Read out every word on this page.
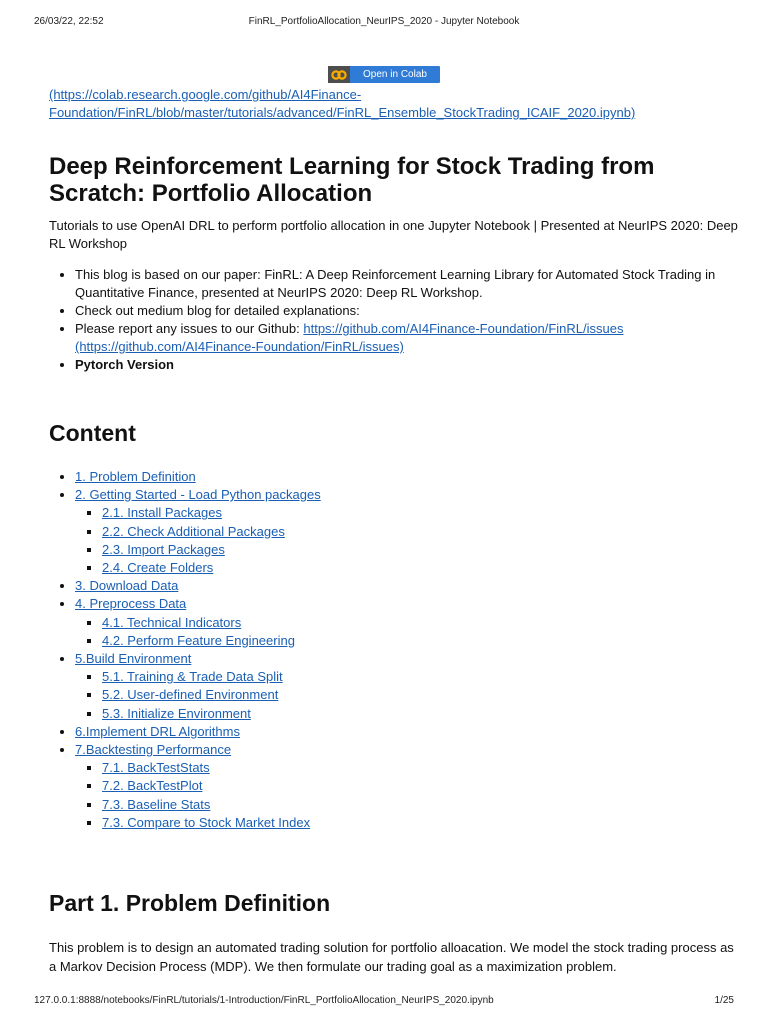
26/03/22, 22:52	FinRL_PortfolioAllocation_NeurIPS_2020 - Jupyter Notebook
Open in Colab
(https://colab.research.google.com/github/AI4Finance-
Foundation/FinRL/blob/master/tutorials/advanced/FinRL_Ensemble_StockTrading_ICAIF_2020.ipynb)
Deep Reinforcement Learning for Stock Trading from
Scratch: Portfolio Allocation

Tutorials to use OpenAI DRL to perform portfolio allocation in one Jupyter Notebook | Presented at NeurIPS 2020: Deep RL Workshop

• This blog is based on our paper: FinRL: A Deep Reinforcement Learning Library for Automated Stock Trading in Quantitative Finance, presented at NeurIPS 2020: Deep RL Workshop.
• Check out medium blog for detailed explanations:
• Please report any issues to our Github: https://github.com/AI4Finance-Foundation/FinRL/issues
(https://github.com/AI4Finance-Foundation/FinRL/issues)
• Pytorch Version
Content
• 1. Problem Definition
• 2. Getting Started - Load Python packages
▪ 2.1. Install Packages
▪ 2.2. Check Additional Packages
▪ 2.3. Import Packages
▪ 2.4. Create Folders
• 3. Download Data
• 4. Preprocess Data
▪ 4.1. Technical Indicators
▪ 4.2. Perform Feature Engineering
• 5.Build Environment
▪ 5.1. Training & Trade Data Split
▪ 5.2. User-defined Environment
▪ 5.3. Initialize Environment
• 6.Implement DRL Algorithms
• 7.Backtesting Performance
▪ 7.1. BackTestStats
▪ 7.2. BackTestPlot
▪ 7.3. Baseline Stats
▪ 7.3. Compare to Stock Market Index
Part 1. Problem Definition

This problem is to design an automated trading solution for portfolio alloacation. We model the stock trading process as a Markov Decision Process (MDP). We then formulate our trading goal as a maximization problem.

127.0.0.1:8888/notebooks/FinRL/tutorials/1-Introduction/FinRL_PortfolioAllocation_NeurIPS_2020.ipynb	1/25
